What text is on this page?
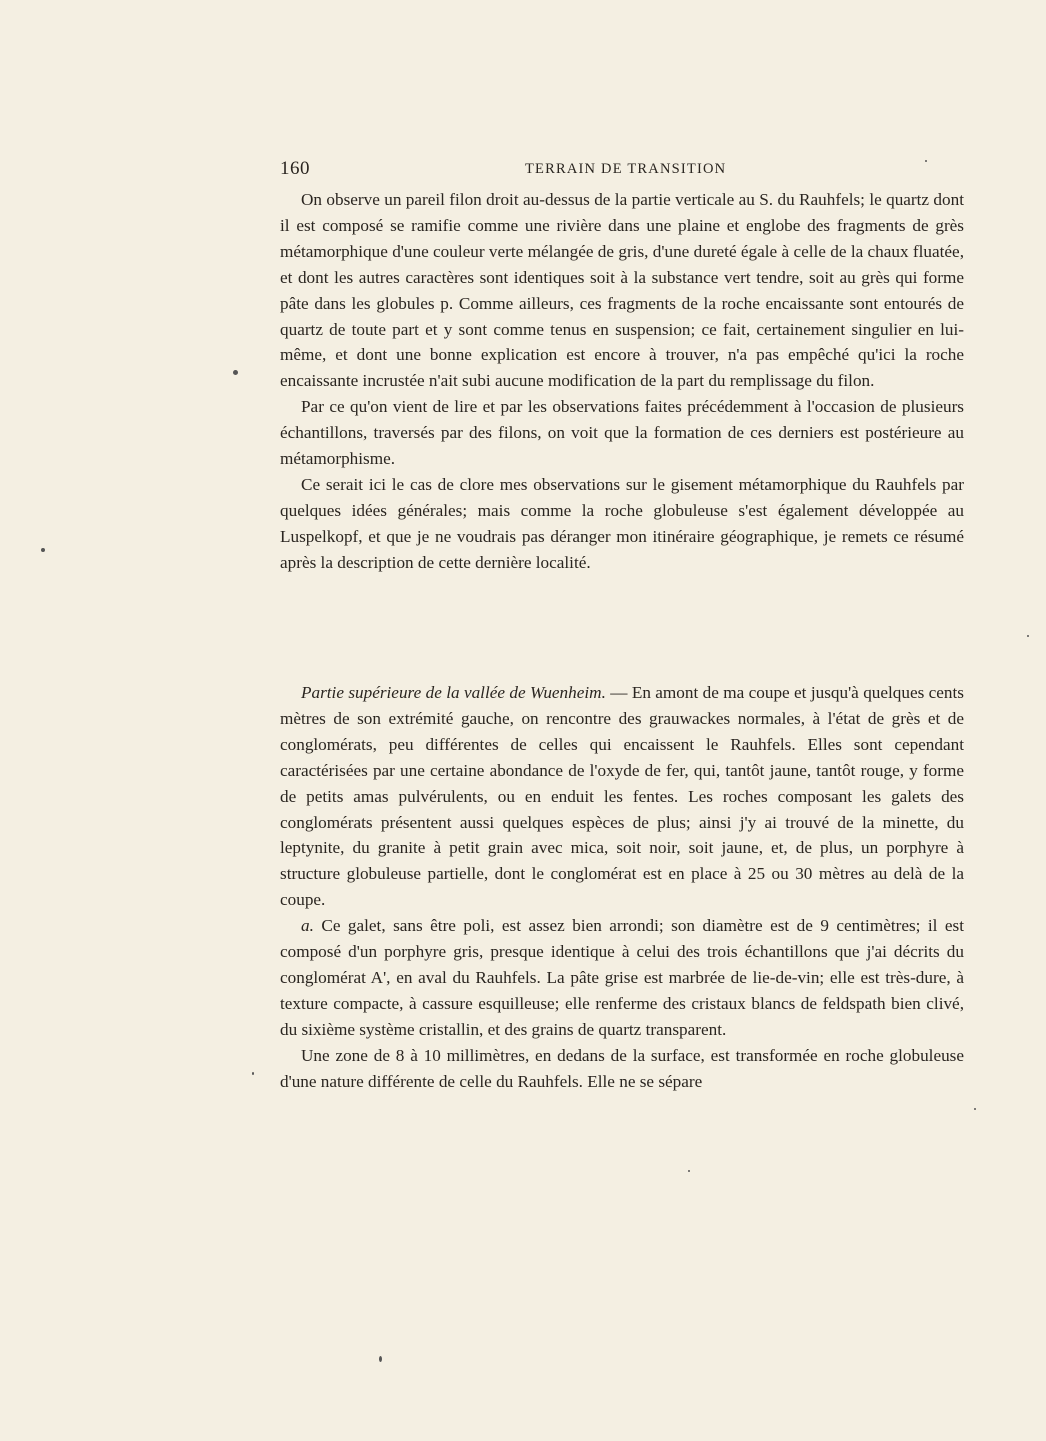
160	TERRAIN DE TRANSITION

On observe un pareil filon droit au-dessus de la partie verticale au S. du Rauhfels; le quartz dont il est composé se ramifie comme une rivière dans une plaine et englobe des fragments de grès métamorphique d'une couleur verte mélangée de gris, d'une dureté égale à celle de la chaux fluatée, et dont les autres caractères sont identiques soit à la substance vert tendre, soit au grès qui forme pâte dans les globules p. Comme ailleurs, ces fragments de la roche encaissante sont entourés de quartz de toute part et y sont comme tenus en suspension; ce fait, certainement singulier en lui-même, et dont une bonne explication est encore à trouver, n'a pas empêché qu'ici la roche encaissante incrustée n'ait subi aucune modification de la part du remplissage du filon.

Par ce qu'on vient de lire et par les observations faites précédemment à l'occasion de plusieurs échantillons, traversés par des filons, on voit que la formation de ces derniers est postérieure au métamorphisme.

Ce serait ici le cas de clore mes observations sur le gisement métamorphique du Rauhfels par quelques idées générales; mais comme la roche globuleuse s'est également développée au Luspelkopf, et que je ne voudrais pas déranger mon itinéraire géographique, je remets ce résumé après la description de cette dernière localité.

Partie supérieure de la vallée de Wuenheim. — En amont de ma coupe et jusqu'à quelques cents mètres de son extrémité gauche, on rencontre des grauwackes normales, à l'état de grès et de conglomérats, peu différentes de celles qui encaissent le Rauhfels. Elles sont cependant caractérisées par une certaine abondance de l'oxyde de fer, qui, tantôt jaune, tantôt rouge, y forme de petits amas pulvérulents, ou en enduit les fentes. Les roches composant les galets des conglomérats présentent aussi quelques espèces de plus; ainsi j'y ai trouvé de la minette, du leptynite, du granite à petit grain avec mica, soit noir, soit jaune, et, de plus, un porphyre à structure globuleuse partielle, dont le conglomérat est en place à 25 ou 30 mètres au delà de la coupe.

a. Ce galet, sans être poli, est assez bien arrondi; son diamètre est de 9 centimètres; il est composé d'un porphyre gris, presque identique à celui des trois échantillons que j'ai décrits du conglomérat A', en aval du Rauhfels. La pâte grise est marbrée de lie-de-vin; elle est très-dure, à texture compacte, à cassure esquilleuse; elle renferme des cristaux blancs de feldspath bien clivé, du sixième système cristallin, et des grains de quartz transparent.

Une zone de 8 à 10 millimètres, en dedans de la surface, est transformée en roche globuleuse d'une nature différente de celle du Rauhfels. Elle ne se sépare
